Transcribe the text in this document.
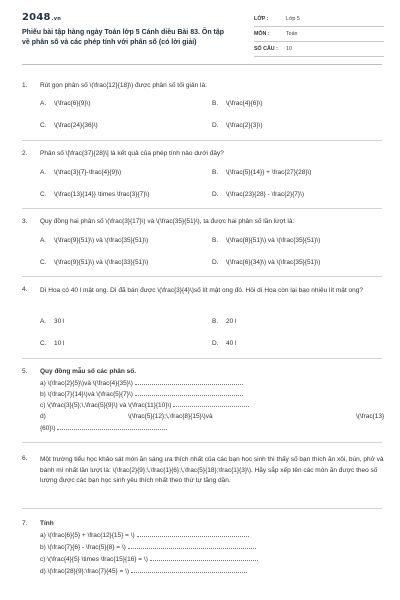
2048.vn
Phiếu bài tập hàng ngày Toán lớp 5 Cánh diều Bài 83. Ôn tập về phân số và các phép tính với phân số (có lời giải)
LỚP :	Lớp 5
MÔN :	Toán
SỐ CÂU : 10
1. Rút gọn phân số \(\frac{12}{18}\) được phân số tối giản là:
A. \(\frac{6}{9}\)	B. \(\frac{4}{6}\)
C. \(\frac{24}{36}\)	D. \(\frac{2}{3}\)
2. Phân số \[\frac{37}{28}\] là kết quả của phép tính nào dưới đây?
A. \(\frac{3}{7}-\frac{4}{9}\)	B. \(\frac{5}{14}} + \frac{27}{28}\)
C. \(\frac{13}{14}} \times \frac{3}{7}\)	D. \(\frac{23}{28} - \frac{2}{7}\)
3. Quy đồng hai phân số \(\frac{3}{17}\) và \(\frac{35}{51}\), ta được hai phân số lần lượt là:
A. \(\frac{9}{51}\) và \(\frac{35}{51}\)	B. \(\frac{8}{51}\) và \(\frac{35}{51}\)
C. \(\frac{9}{51}\) và \(\frac{33}{51}\)	D. \(\frac{6}{34}\) và \(\frac{35}{51}\)
4. Dì Hoa có 40 l mật ong. Dì đã bán được \(\frac{3}{4}\)số lít mật ong đó. Hỏi dì Hoa còn lại bao nhiêu lít mật ong?
A. 30 l	B. 20 l
C. 10 l	D. 40 l
5. Quy đồng mẫu số các phân số.
a) \(\frac{2}{5}\)và \(\frac{4}{35}\)
b) \(\frac{7}{14}\)và \(\frac{5}{7}\)
c) \(\frac{3}{5};\,\frac{5}{9}\) và \(\frac{11}{10}\)
d)	\(\frac{5}{12};\,\frac{8}{15}\)và	\(\frac{13}
{60}\)
6. Một trường tiểu học khảo sát món ăn sáng ưa thích nhất của các bạn học sinh thì thấy số bạn thích ăn xôi, bún, phở và bánh mì nhất lần lượt là: \(\frac{2}{9};\,\frac{1}{6};\,\frac{5}{18};\frac{1}{3}\). Hãy sắp xếp tên các món ăn được theo số lượng được các bạn học sinh yêu thích nhất theo thứ tự tăng dần.
7. Tính
a) \(\frac{6}{5} + \frac{12}{15} = \)
b) \(\frac{7}{6} - \frac{5}{8} = \)
c) \(\frac{4}{5} \times \frac{15}{16} = \)
d) \(\frac{28}{9}:\frac{7}{45} = \)
